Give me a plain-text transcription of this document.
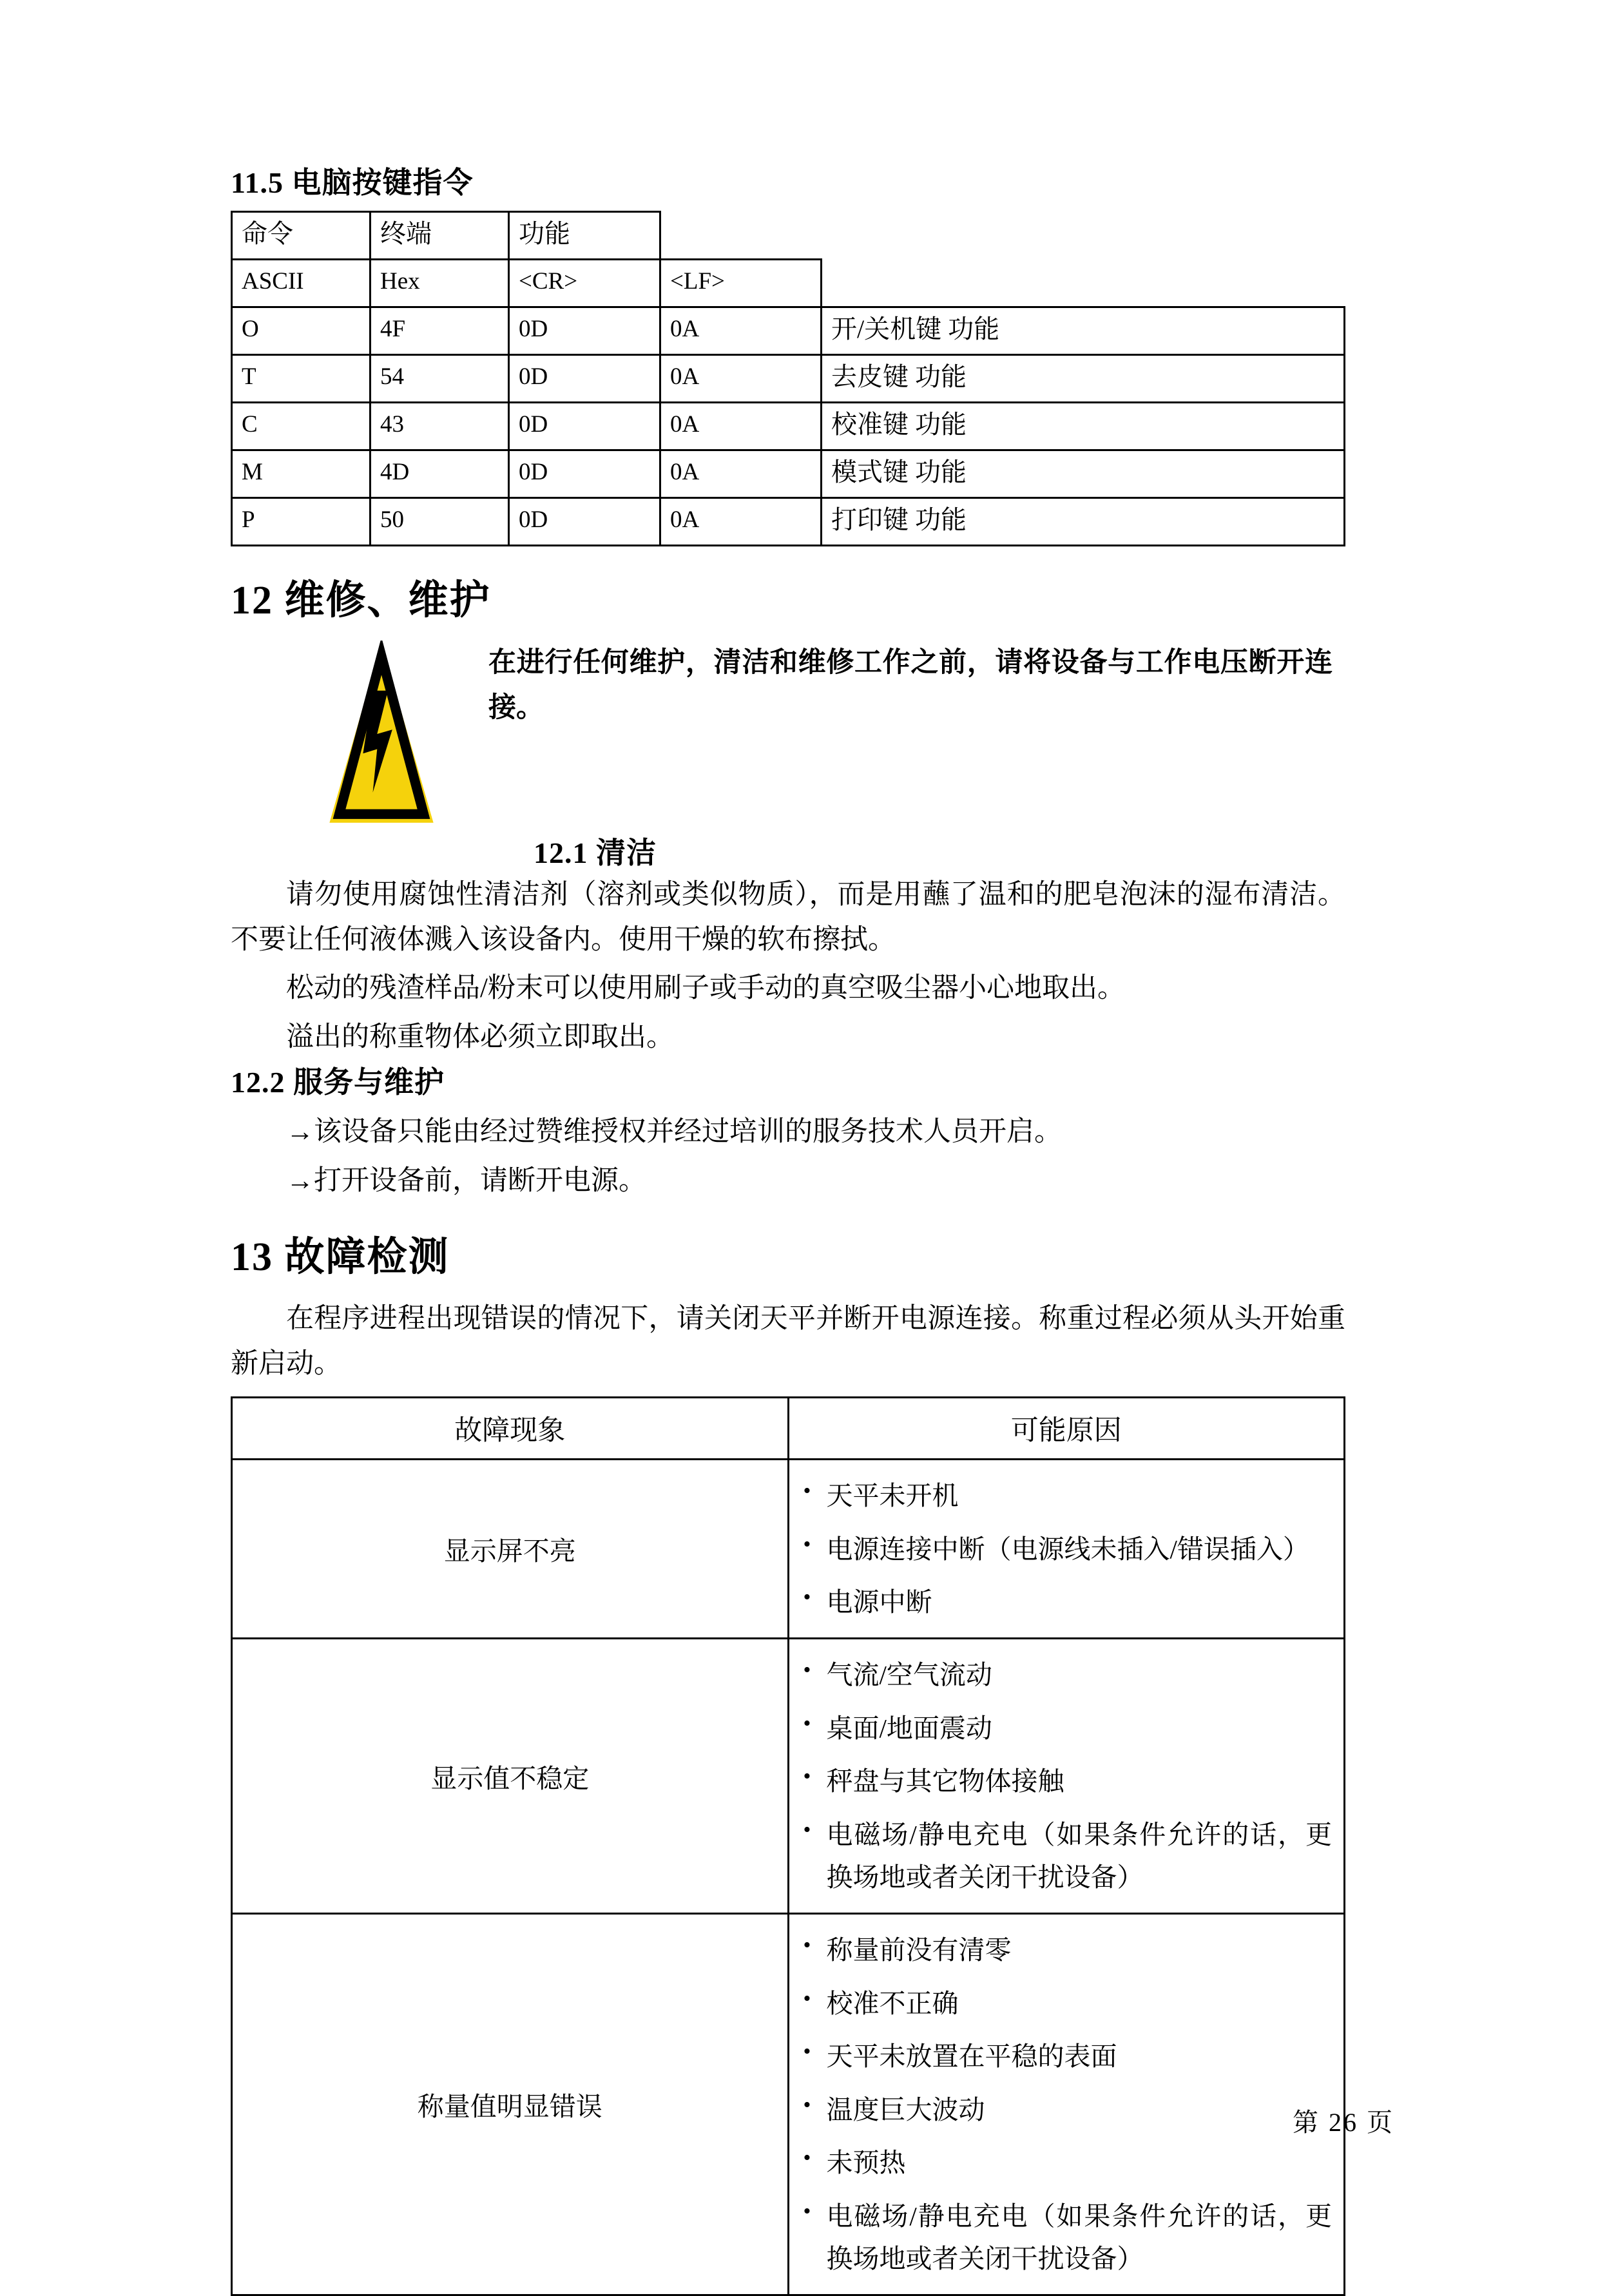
11.5 电脑按键指令
命令	终端	功能		
ASCII	Hex	<CR>	<LF>	
O	4F	0D	0A	开/关机键 功能
T	54	0D	0A	去皮键 功能
C	43	0D	0A	校准键 功能
M	4D	0D	0A	模式键 功能
P	50	0D	0A	打印键 功能
12 维修、维护
在进行任何维护，清洁和维修工作之前，请将设备与工作电压断开连接。
12.1 清洁

请勿使用腐蚀性清洁剂（溶剂或类似物质），而是用蘸了温和的肥皂泡沫的湿布清洁。不要让任何液体溅入该设备内。使用干燥的软布擦拭。

松动的残渣样品/粉末可以使用刷子或手动的真空吸尘器小心地取出。

溢出的称重物体必须立即取出。

12.2 服务与维护

→该设备只能由经过赞维授权并经过培训的服务技术人员开启。

→打开设备前，请断开电源。

13 故障检测

在程序进程出现错误的情况下，请关闭天平并断开电源连接。称重过程必须从头开始重新启动。

故障现象	可能原因
显示屏不亮	
• 天平未开机
• 电源连接中断（电源线未插入/错误插入）
• 电源中断

显示值不稳定	
• 气流/空气流动
• 桌面/地面震动
• 秤盘与其它物体接触
• 电磁场/静电充电（如果条件允许的话，更换场地或者关闭干扰设备）

称量值明显错误	
• 称量前没有清零
• 校准不正确
• 天平未放置在平稳的表面
• 温度巨大波动
• 未预热
• 电磁场/静电充电（如果条件允许的话，更换场地或者关闭干扰设备）
第 26 页
